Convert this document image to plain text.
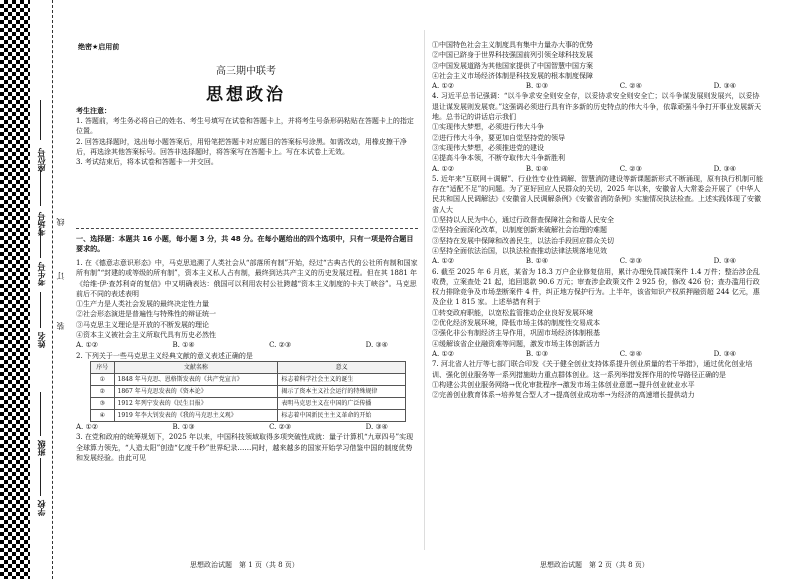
座位号
考场号
考生号
姓名
班级
学校
线
订
装
绝密★启用前
高三期中联考
思想政治
考生注意：
1. 答题前，考生务必将自己的姓名、考生号填写在试卷和答题卡上，并将考生号条形码粘贴在答题卡上的指定位置。
2. 回答选择题时，选出每小题答案后，用铅笔把答题卡对应题目的答案标号涂黑。如需改动，用橡皮擦干净后，再选涂其他答案标号。回答非选择题时，将答案写在答题卡上。写在本试卷上无效。
3. 考试结束后，将本试卷和答题卡一并交回。
一、选择题：本题共 16 小题，每小题 3 分，共 48 分。在每小题给出的四个选项中，只有一项是符合题目要求的。
1. 在《德意志意识形态》中，马克思追溯了人类社会从“部落所有制”开始，经过“古典古代的公社所有制和国家所有制”“封建的或等级的所有制”，资本主义私人占有制，最终到达共产主义的历史发展过程。但在其 1881 年《给维·伊·查苏利奇的复信》中又明确表达：俄国可以利用农村公社跨越“资本主义制度的卡夫丁峡谷”。马克思前后不同的表述表明
①生产力是人类社会发展的最终决定性力量
②社会形态演进是普遍性与特殊性的辩证统一
③马克思主义理论是开放的不断发展的理论
④资本主义被社会主义所取代具有历史必然性
A. ①②	B. ①④	C. ②③	D. ③④
2. 下列关于一些马克思主义经典文献的意义表述正确的是
序号	文献名称	意义
①	1848 年马克思、恩格斯发表的《共产党宣言》	标志着科学社会主义的诞生
②	1867 年马克思发表的《资本论》	揭示了资本主义社会运行的特殊规律
③	1912 年列宁发表的《民生目报》	表明马克思主义在中国的广泛传播
④	1919 年李大钊发表的《我的马克思主义观》	标志着中国新民主主义革命的开始
A. ①②	B. ①③	C. ②③	D. ③④
3. 在党和政府的统筹规划下，2025 年以来，中国科技领域取得多项突破性成就：量子计算机“九章四号”实现全球算力领先，“人造太阳”创造“亿度千秒”世界纪录……同时，越来越多的国家开始学习借鉴中国的制度优势和发展经验。由此可见
①中国特色社会主义制度具有集中力量办大事的优势
②中国已跻身于世界科技强国前列引领全球科技发展
③中国发展道路为其他国家提供了中国智慧中国方案
④社会主义市场经济体制是科技发展的根本制度保障
A. ①②	B. ①③	C. ②④	D. ③④
4. 习近平总书记强调：“以斗争求安全则安全存，以妥协求安全则安全亡；以斗争谋发展则发展兴，以妥协退让谋发展则发展衰。”这强调必须进行具有许多新的历史特点的伟大斗争，依靠顽强斗争打开事业发展新天地。总书记的讲话启示我们
①实现伟大梦想，必须进行伟大斗争
②进行伟大斗争，要更加自觉坚持党的领导
③实现伟大梦想，必须推进党的建设
④提高斗争本领，不断夺取伟大斗争新胜利
A. ①②	B. ①④	C. ②③	D. ③④
5. 近年来“互联网＋调解”、行业性专业性调解、智慧消防建设等新课题新形式不断涌现，原有执行机制可能存在“适配不足”的问题。为了更好回应人民群众的关切，2025 年以来，安徽省人大常委会开展了《中华人民共和国人民调解法》《安徽省人民调解条例》《安徽省消防条例》实施情况执法检查。上述实践体现了安徽省人大
①坚持以人民为中心，通过行政督查保障社会和谐人民安全
②坚持全面深化改革，以制度创新来破解社会治理的难题
③坚持在发展中保障和改善民生，以法治手段回应群众关切
④坚持全面依法治国，以执法检查推动法律法规落地见效
A. ①②	B. ①④	C. ②③	D. ③④
6. 截至 2025 年 6 月底，某省为 18.3 万户企业修复信用，累计办理免罚减罚案件 1.4 万件；整治涉企乱收费，立案查处 21 起，追回退款 90.6 万元；审查涉企政策文件 2 925 份，修改 426 份；查办滥用行政权力排除竞争及市场垄断案件 4 件，纠正地方保护行为。上半年，该省知识产权质押融资超 244 亿元，惠及企业 1 815 家。上述举措有利于
①转变政府职能，以宽松监管推动企业良好发展环境
②优化经济发展环境，降低市场主体的制度性交易成本
③强化非公有制经济主导作用，巩固市场经济体制根基
④缓解该省企业融资难等问题，激发市场主体创新活力
A. ①②	B. ①③	C. ②④	D. ③④
7. 河北省人社厅等七部门联合印发《关于健全创业支持体系提升创业质量的若干举措》，通过优化创业培训、强化创业服务等一系列措施助力重点群体创业。这一系列举措发挥作用的传导路径正确的是
①构建公共创业服务网络→优化审批程序→激发市场主体创业意愿→提升创业就业水平
②完善创业教育体系→培养复合型人才→提高创业成功率→为经济的高速增长提供动力
思想政治试题　第 1 页（共 8 页）	思想政治试题　第 2 页（共 8 页）
